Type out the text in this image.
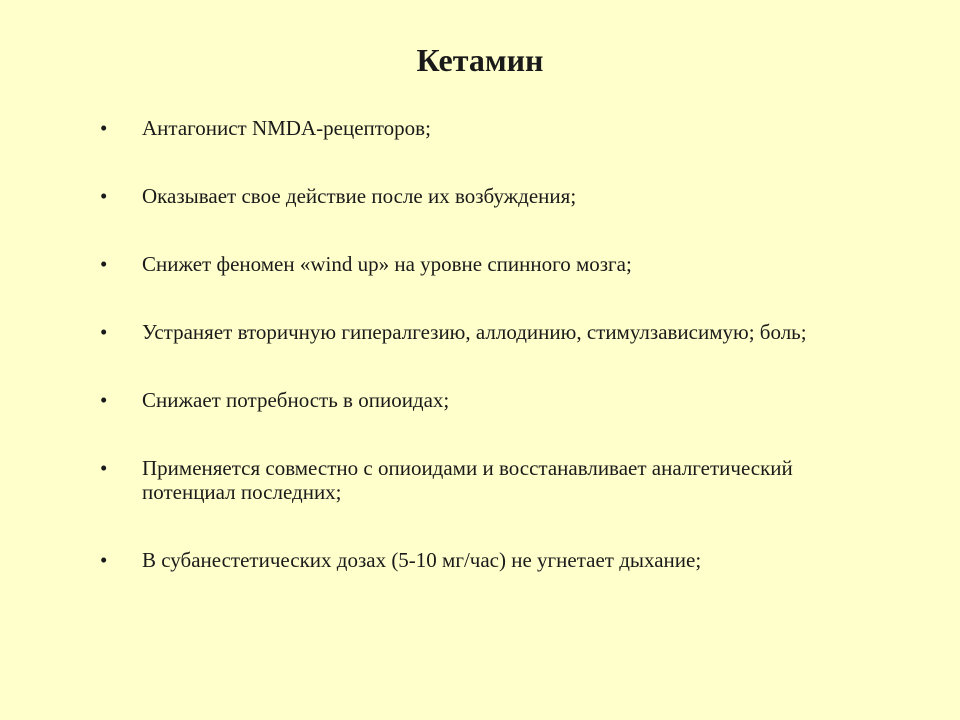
Кетамин
•	Антагонист NMDA-рецепторов;
•	Оказывает свое действие после их возбуждения;
•	Снижет феномен «wind up» на уровне спинного мозга;
•	Устраняет вторичную гипералгезию, аллодинию, стимулзависимую; боль;
•	Снижает потребность в опиоидах;
•	Применяется совместно с опиоидами и восстанавливает аналгетический
потенциал последних;
•	В субанестетических дозах (5-10 мг/час) не угнетает дыхание;
